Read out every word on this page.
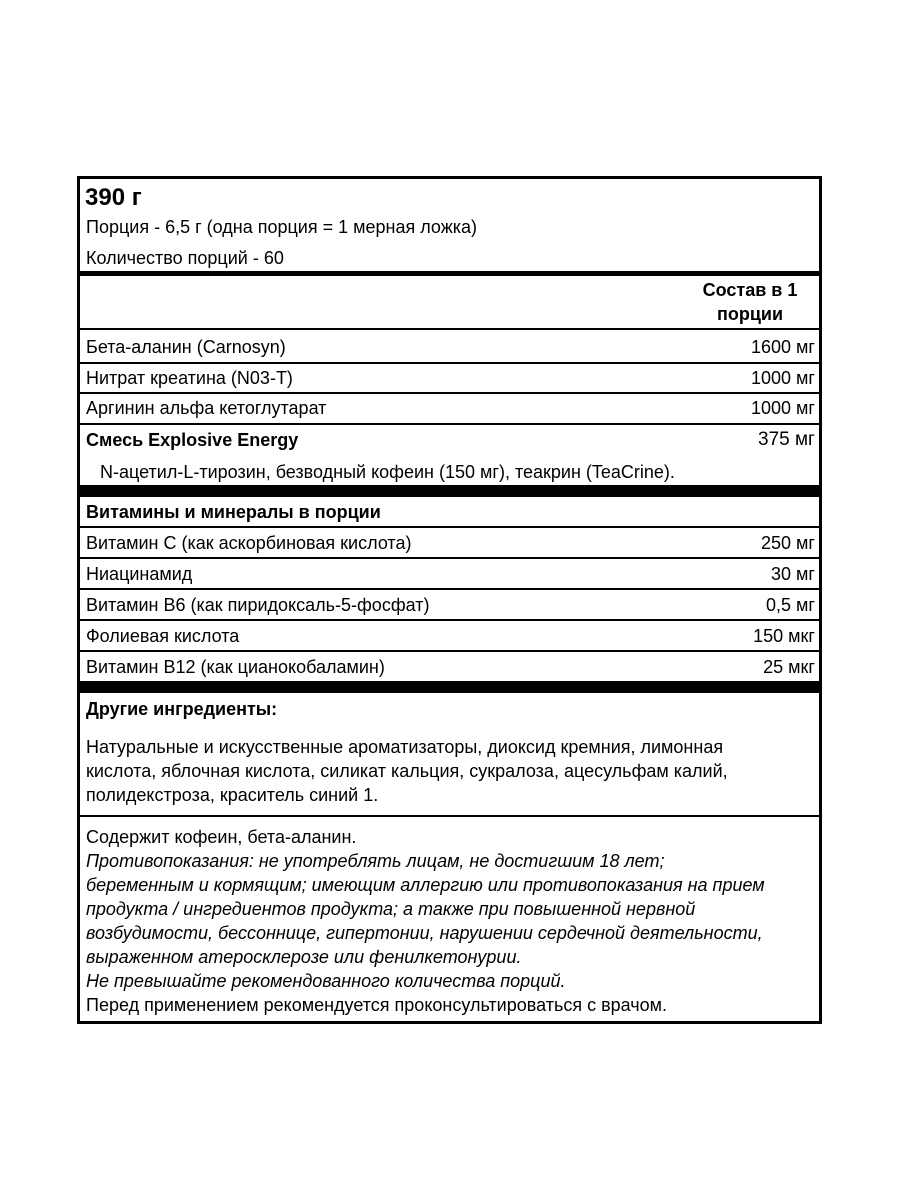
390 г
Порция - 6,5 г (одна порция = 1 мерная ложка)
Количество порций - 60
Состав в 1
порции
Бета-аланин (Carnosyn)	1600 мг
Нитрат креатина (N03-T)	1000 мг
Аргинин альфа кетоглутарат	1000 мг
Смесь Explosive Energy	375 мг
N-ацетил-L-тирозин, безводный кофеин (150 мг), теакрин (TeaCrine).
Витамины и минералы в порции
Витамин С (как аскорбиновая кислота)	250 мг
Ниацинамид	30 мг
Витамин В6 (как пиридоксаль-5-фосфат)	0,5 мг
Фолиевая кислота	150 мкг
Витамин В12 (как цианокобаламин)	25 мкг
Другие ингредиенты:
Натуральные и искусственные ароматизаторы, диоксид кремния, лимонная
кислота, яблочная кислота, силикат кальция, сукралоза, ацесульфам калий,
полидекстроза, краситель синий 1.
Содержит кофеин, бета-аланин.
Противопоказания: не употреблять лицам, не достигшим 18 лет;
беременным и кормящим; имеющим аллергию или противопоказания на прием
продукта / ингредиентов продукта; а также при повышенной нервной
возбудимости, бессоннице, гипертонии, нарушении сердечной деятельности,
выраженном атеросклерозе или фенилкетонурии.
Не превышайте рекомендованного количества порций.
Перед применением рекомендуется проконсультироваться с врачом.
